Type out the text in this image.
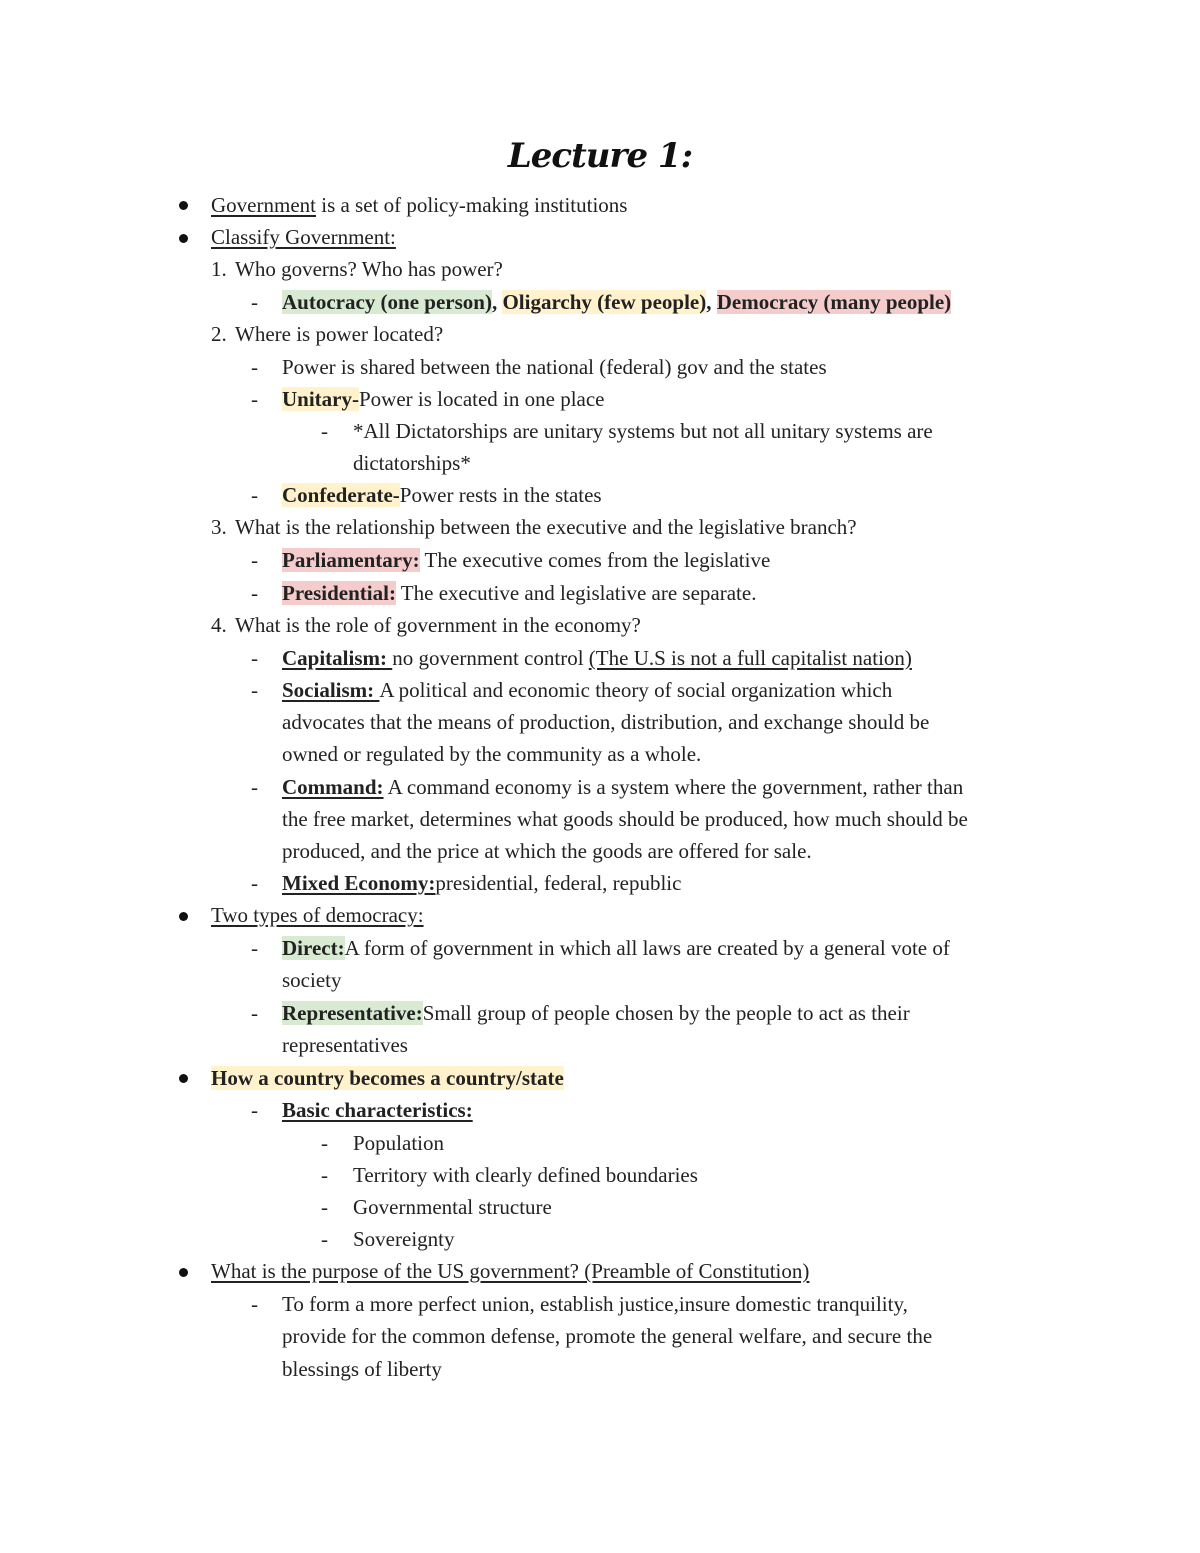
Lecture 1:
Government is a set of policy-making institutions
Classify Government:
1. Who governs? Who has power?
- Autocracy (one person), Oligarchy (few people), Democracy (many people)
2. Where is power located?
- Power is shared between the national (federal) gov and the states
- Unitary-Power is located in one place
- *All Dictatorships are unitary systems but not all unitary systems are
dictatorships*
- Confederate-Power rests in the states
3. What is the relationship between the executive and the legislative branch?
- Parliamentary: The executive comes from the legislative
- Presidential: The executive and legislative are separate.
4. What is the role of government in the economy?
- Capitalism: no government control (The U.S is not a full capitalist nation)
- Socialism: A political and economic theory of social organization which
advocates that the means of production, distribution, and exchange should be
owned or regulated by the community as a whole.
- Command: A command economy is a system where the government, rather than
the free market, determines what goods should be produced, how much should be
produced, and the price at which the goods are offered for sale.
- Mixed Economy:presidential, federal, republic
Two types of democracy:
- Direct:A form of government in which all laws are created by a general vote of
society
- Representative:Small group of people chosen by the people to act as their
representatives
How a country becomes a country/state
- Basic characteristics:
- Population
- Territory with clearly defined boundaries
- Governmental structure
- Sovereignty
What is the purpose of the US government? (Preamble of Constitution)
- To form a more perfect union, establish justice,insure domestic tranquility,
provide for the common defense, promote the general welfare, and secure the
blessings of liberty
